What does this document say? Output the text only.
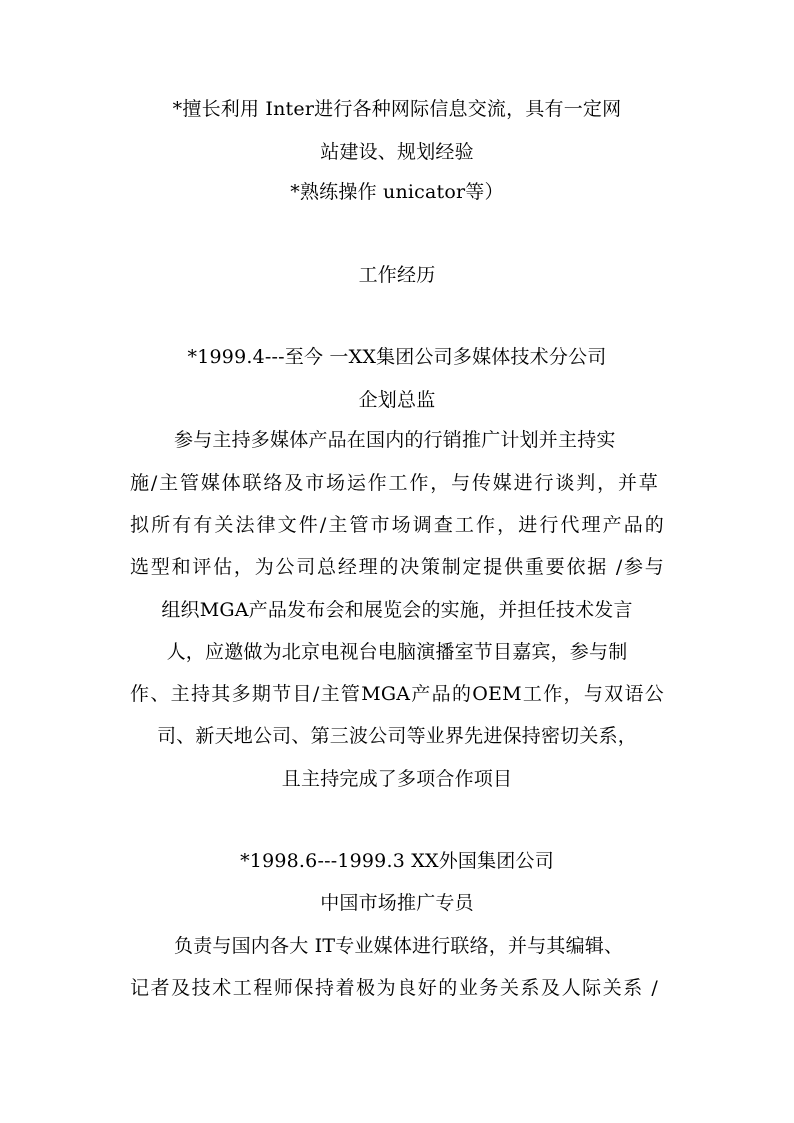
*擅长利用 Inter进行各种网际信息交流，具有一定网
站建设、规划经验
*熟练操作 unicator等）
工作经历
*1999.4---至今 一XX集团公司多媒体技术分公司
企划总监
参与主持多媒体产品在国内的行销推广计划并主持实
施/主管媒体联络及市场运作工作，与传媒进行谈判，并草
拟所有有关法律文件/主管市场调查工作，进行代理产品的
选型和评估，为公司总经理的决策制定提供重要依据 /参与
组织MGA产品发布会和展览会的实施，并担任技术发言
人，应邀做为北京电视台电脑演播室节目嘉宾，参与制
作、主持其多期节目/主管MGA产品的OEM工作，与双语公
司、新天地公司、第三波公司等业界先进保持密切关系，
且主持完成了多项合作项目
*1998.6---1999.3 XX外国集团公司
中国市场推广专员
负责与国内各大 IT专业媒体进行联络，并与其编辑、
记者及技术工程师保持着极为良好的业务关系及人际关系 /
